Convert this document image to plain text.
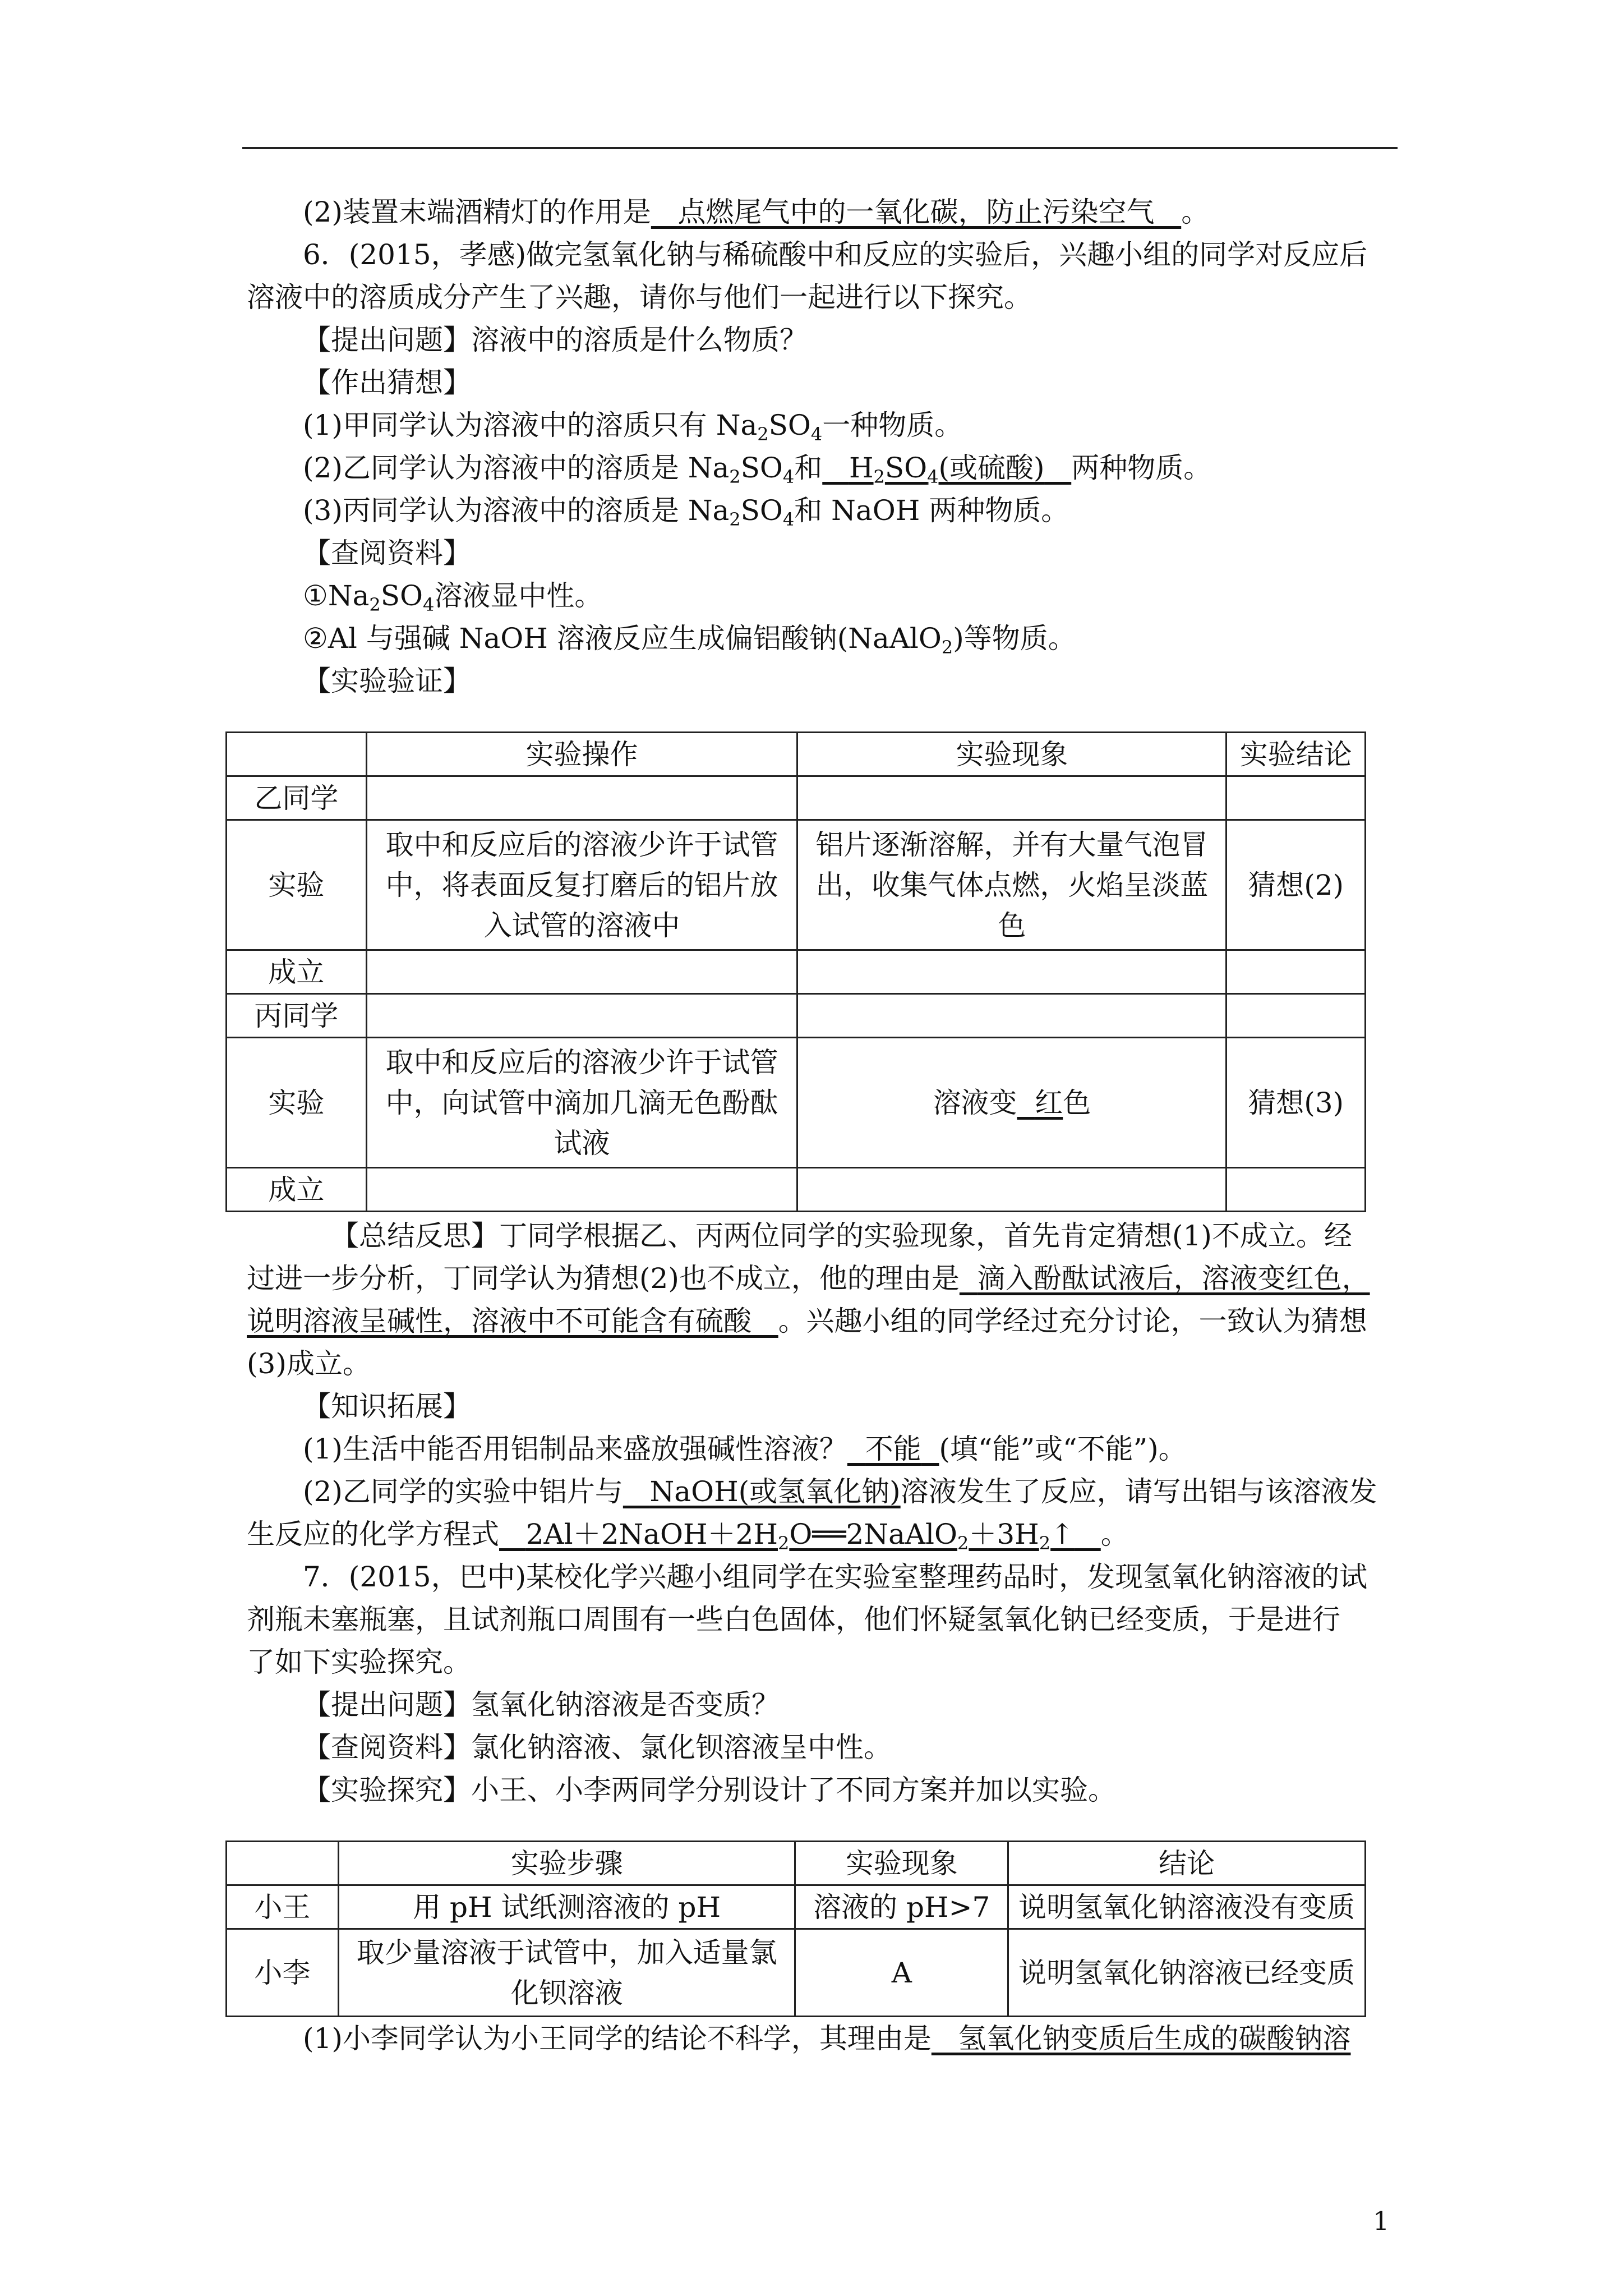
(2)装置末端酒精灯的作用是 点燃尾气中的一氧化碳，防止污染空气 。

6．(2015，孝感)做完氢氧化钠与稀硫酸中和反应的实验后，兴趣小组的同学对反应后

溶液中的溶质成分产生了兴趣，请你与他们一起进行以下探究。

【提出问题】溶液中的溶质是什么物质？

【作出猜想】

(1)甲同学认为溶液中的溶质只有 $Na_2SO_4$一种物质。

(2)乙同学认为溶液中的溶质是 $Na_2SO_4$和 $H_2SO_4$(或硫酸) 两种物质。

(3)丙同学认为溶液中的溶质是 $Na_2SO_4$和 NaOH 两种物质。

【查阅资料】

$①Na_2SO_4$溶液显中性。

②Al 与强碱 NaOH 溶液反应生成偏铝酸钠(NaAlO$_2$)等物质。

【实验验证】

	实验操作	实验现象	实验结论
乙同学			
实验	取中和反应后的溶液少许于试管中，将表面反复打磨后的铝片放入试管的溶液中	铝片逐渐溶解，并有大量气泡冒出，收集气体点燃，火焰呈淡蓝色	猜想(2)
成立			
丙同学			
实验	取中和反应后的溶液少许于试管中，向试管中滴加几滴无色酚酞试液	溶液变 红色	猜想(3)
成立			

【总结反思】丁同学根据乙、丙两位同学的实验现象，首先肯定猜想(1)不成立。经

过进一步分析，丁同学认为猜想(2)也不成立，他的理由是 滴入酚酞试液后，溶液变红色，

说明溶液呈碱性，溶液中不可能含有硫酸 。兴趣小组的同学经过充分讨论，一致认为猜想

(3)成立。

【知识拓展】

(1)生活中能否用铝制品来盛放强碱性溶液？ 不能 (填“能”或“不能”)。

(2)乙同学的实验中铝片与 NaOH(或氢氧化钠)溶液发生了反应，请写出铝与该溶液发

生反应的化学方程式 $2Al+2NaOH+2H_2O══2NaAlO_2+3H_2↑$ 。

7．(2015，巴中)某校化学兴趣小组同学在实验室整理药品时，发现氢氧化钠溶液的试

剂瓶未塞瓶塞，且试剂瓶口周围有一些白色固体，他们怀疑氢氧化钠已经变质，于是进行

了如下实验探究。

【提出问题】氢氧化钠溶液是否变质？

【查阅资料】氯化钠溶液、氯化钡溶液呈中性。

【实验探究】小王、小李两同学分别设计了不同方案并加以实验。

	实验步骤	实验现象	结论
小王	用 pH 试纸测溶液的 pH	溶液的 pH>7	说明氢氧化钠溶液没有变质
小李	取少量溶液于试管中，加入适量氯化钡溶液	A	说明氢氧化钠溶液已经变质

(1)小李同学认为小王同学的结论不科学，其理由是 氢氧化钠变质后生成的碳酸钠溶

1
